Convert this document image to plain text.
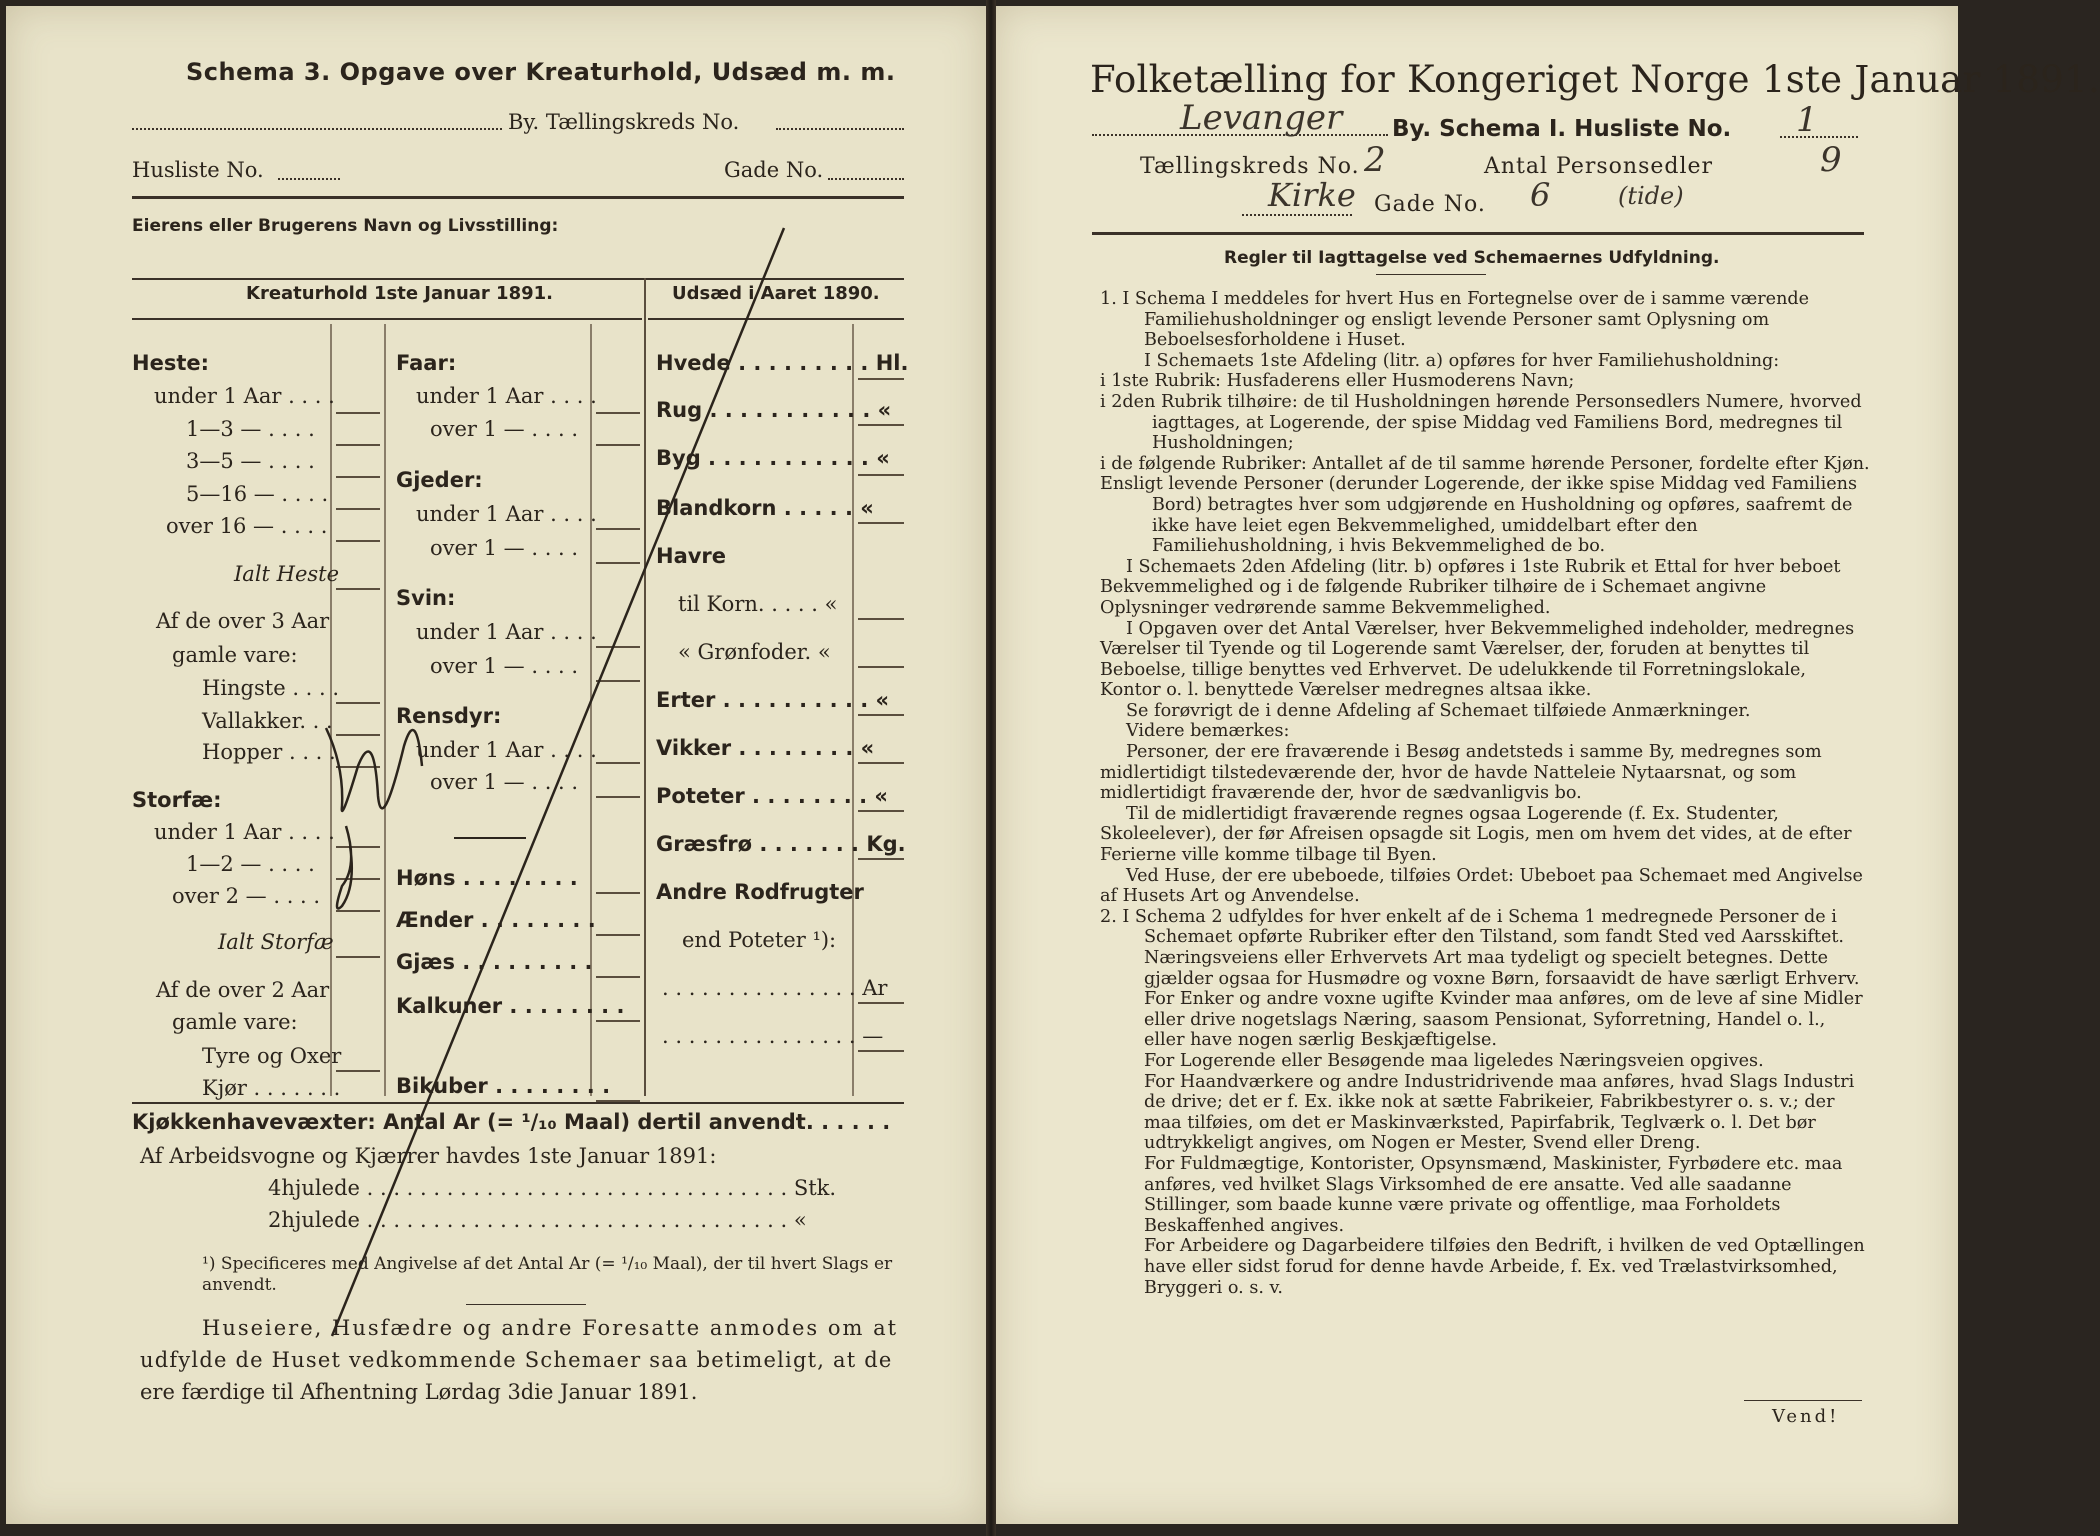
Schema 3. Opgave over Kreaturhold, Udsæd m. m.
By. Tællingskreds No.
Husliste No.	Gade No.
Eierens eller Brugerens Navn og Livsstilling:
Kreaturhold 1ste Januar 1891.	Udsæd i Aaret 1890.
Heste:
under 1 Aar . . . .
1—3 — . . . .
3—5 — . . . .
5—16 — . . . .
over 16 — . . . .
Ialt Heste
Af de over 3 Aar
gamle vare:
Hingste . . . .
Vallakker. . .
Hopper . . . .
Storfæ:
under 1 Aar . . . .
1—2 — . . . .
over 2 — . . . .
Ialt Storfæ
Af de over 2 Aar
gamle vare:
Tyre og Oxer
Kjør . . . . . . .
Faar:
under 1 Aar . . . .
over 1 — . . . .
Gjeder:
under 1 Aar . . . .
over 1 — . . . .
Svin:
under 1 Aar . . . .
over 1 — . . . .
Rensdyr:
under 1 Aar . . . .
over 1 — . . . .
Høns . . . . . . . .
Ænder . . . . . . . .
Gjæs . . . . . . . . .
Kalkuner . . . . . . . .
Bikuber . . . . . . . .
Hvede . . . . . . . . . Hl.
Rug . . . . . . . . . . . «
Byg . . . . . . . . . . . «
Blandkorn . . . . . «
Havre
til Korn. . . . . «
« Grønfoder. «
Erter . . . . . . . . . . «
Vikker . . . . . . . . «
Poteter . . . . . . . . «
Græsfrø . . . . . . . Kg.
Andre Rodfrugter
end Poteter ¹):
. . . . . . . . . . . . . . . Ar
. . . . . . . . . . . . . . . —
Kjøkkenhavevæxter: Antal Ar (= ¹/₁₀ Maal) dertil anvendt. . . . . .
Af Arbeidsvogne og Kjærrer havdes 1ste Januar 1891:
4hjulede . . . . . . . . . . . . . . . . . . . . . . . . . . . . . . . . Stk.
2hjulede . . . . . . . . . . . . . . . . . . . . . . . . . . . . . . . . «
¹) Specificeres med Angivelse af det Antal Ar (= ¹/₁₀ Maal), der til hvert Slags er anvendt.
Huseiere, Husfædre og andre Foresatte anmodes om at
udfylde de Huset vedkommende Schemaer saa betimeligt, at de
ere færdige til Afhentning Lørdag 3die Januar 1891.
Folketælling for Kongeriget Norge 1ste Januar 1891.
Levanger By. Schema I. Husliste No. 1
Tællingskreds No. 2	Antal Personsedler	9
Kirke Gade No. 6	(tide)
Regler til Iagttagelse ved Schemaernes Udfyldning.

1. I Schema I meddeles for hvert Hus en Fortegnelse over de i samme værende Familiehusholdninger og ensligt levende Personer samt Oplysning om Beboelsesforholdene i Huset.

I Schemaets 1ste Afdeling (litr. a) opføres for hver Familiehusholdning:

i 1ste Rubrik: Husfaderens eller Husmoderens Navn;

i 2den Rubrik tilhøire: de til Husholdningen hørende Personsedlers Numere, hvorved iagttages, at Logerende, der spise Middag ved Familiens Bord, medregnes til Husholdningen;

i de følgende Rubriker: Antallet af de til samme hørende Personer, fordelte efter Kjøn.

Ensligt levende Personer (derunder Logerende, der ikke spise Middag ved Familiens Bord) betragtes hver som udgjørende en Husholdning og opføres, saafremt de ikke have leiet egen Bekvemmelighed, umiddelbart efter den Familiehusholdning, i hvis Bekvemmelighed de bo.

I Schemaets 2den Afdeling (litr. b) opføres i 1ste Rubrik et Ettal for hver beboet Bekvemmelighed og i de følgende Rubriker tilhøire de i Schemaet angivne Oplysninger vedrørende samme Bekvemmelighed.

I Opgaven over det Antal Værelser, hver Bekvemmelighed indeholder, medregnes Værelser til Tyende og til Logerende samt Værelser, der, foruden at benyttes til Beboelse, tillige benyttes ved Erhvervet. De udelukkende til Forretningslokale, Kontor o. l. benyttede Værelser medregnes altsaa ikke.

Se forøvrigt de i denne Afdeling af Schemaet tilføiede Anmærkninger.

Videre bemærkes:

Personer, der ere fraværende i Besøg andetsteds i samme By, medregnes som midlertidigt tilstedeværende der, hvor de havde Natteleie Nytaarsnat, og som midlertidigt fraværende der, hvor de sædvanligvis bo.

Til de midlertidigt fraværende regnes ogsaa Logerende (f. Ex. Studenter, Skoleelever), der før Afreisen opsagde sit Logis, men om hvem det vides, at de efter Ferierne ville komme tilbage til Byen.

Ved Huse, der ere ubeboede, tilføies Ordet: Ubeboet paa Schemaet med Angivelse af Husets Art og Anvendelse.

2. I Schema 2 udfyldes for hver enkelt af de i Schema 1 medregnede Personer de i Schemaet opførte Rubriker efter den Tilstand, som fandt Sted ved Aarsskiftet.

Næringsveiens eller Erhvervets Art maa tydeligt og specielt betegnes. Dette gjælder ogsaa for Husmødre og voxne Børn, forsaavidt de have særligt Erhverv. For Enker og andre voxne ugifte Kvinder maa anføres, om de leve af sine Midler eller drive nogetslags Næring, saasom Pensionat, Syforretning, Handel o. l., eller have nogen særlig Beskjæftigelse.

For Logerende eller Besøgende maa ligeledes Næringsveien opgives.

For Haandværkere og andre Industridrivende maa anføres, hvad Slags Industri de drive; det er f. Ex. ikke nok at sætte Fabrikeier, Fabrikbestyrer o. s. v.; der maa tilføies, om det er Maskinværksted, Papirfabrik, Teglværk o. l. Det bør udtrykkeligt angives, om Nogen er Mester, Svend eller Dreng.

For Fuldmægtige, Kontorister, Opsynsmænd, Maskinister, Fyrbødere etc. maa anføres, ved hvilket Slags Virksomhed de ere ansatte. Ved alle saadanne Stillinger, som baade kunne være private og offentlige, maa Forholdets Beskaffenhed angives.

For Arbeidere og Dagarbeidere tilføies den Bedrift, i hvilken de ved Optællingen have eller sidst forud for denne havde Arbeide, f. Ex. ved Trælastvirksomhed, Bryggeri o. s. v.

Vend!
